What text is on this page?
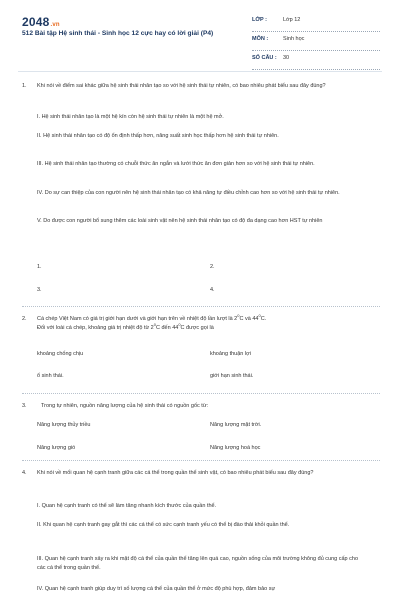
2048.vn
512 Bài tập Hệ sinh thái - Sinh học 12 cực hay có lời giải (P4)
LỚP :	Lớp 12
MÔN :	Sinh học
SỐ CÂU : 30
1.	Khi nói về điểm sai khác giữa hệ sinh thái nhân tạo so với hệ sinh thái tự nhiên, có bao nhiêu phát biểu sau đây đúng?
I. Hệ sinh thái nhân tạo là một hệ kín còn hệ sinh thái tự nhiên là một hệ mở.
II. Hệ sinh thái nhân tạo có độ ổn định thấp hơn, năng suất sinh học thấp hơn hệ sinh thái tự nhiên.
III. Hệ sinh thái nhân tạo thường có chuỗi thức ăn ngắn và lưới thức ăn đơn giản hơn so với hệ sinh thái tự nhiên.
IV. Do sự can thiệp của con người nên hệ sinh thái nhân tạo có khả năng tự điều chỉnh cao hơn so với hệ sinh thái tự nhiên.
V. Do được con người bổ sung thêm các loài sinh vật nên hệ sinh thái nhân tạo có độ đa dạng cao hơn HST tự nhiên
1.	2.
3.	4.
2.	Cá chép Việt Nam có giá trị giới hạn dưới và giới hạn trên về nhiệt độ lần lượt là $2^0C$ và $44^0C$.
Đối với loài cá chép, khoảng giá trị nhiệt độ từ $2^0C$ đến $44^0C$ được gọi là
khoảng chống chịu	khoảng thuận lợi
ổ sinh thái.	giới hạn sinh thái.
3.	Trong tự nhiên, nguồn năng lượng của hệ sinh thái có nguồn gốc từ:
Năng lượng thủy triều	Năng lượng mặt trời.
Năng lượng gió	Năng lượng hoá học
4.	Khi nói về mối quan hệ cạnh tranh giữa các cá thể trong quần thể sinh vật, có bao nhiêu phát biểu sau đây đúng?
I. Quan hệ cạnh tranh có thể sẽ làm tăng nhanh kích thước của quần thể.
II. Khi quan hệ cạnh tranh gay gắt thì các cá thể có sức cạnh tranh yếu có thể bị đào thải khỏi quần thể.
III. Quan hệ cạnh tranh xảy ra khi mật độ cá thể của quần thể tăng lên quá cao, nguồn sống của môi trường không đủ cung cấp cho các cá thể trong quần thể.
IV. Quan hệ cạnh tranh giúp duy trì số lượng cá thể của quần thể ở mức độ phù hợp, đảm bảo sự
